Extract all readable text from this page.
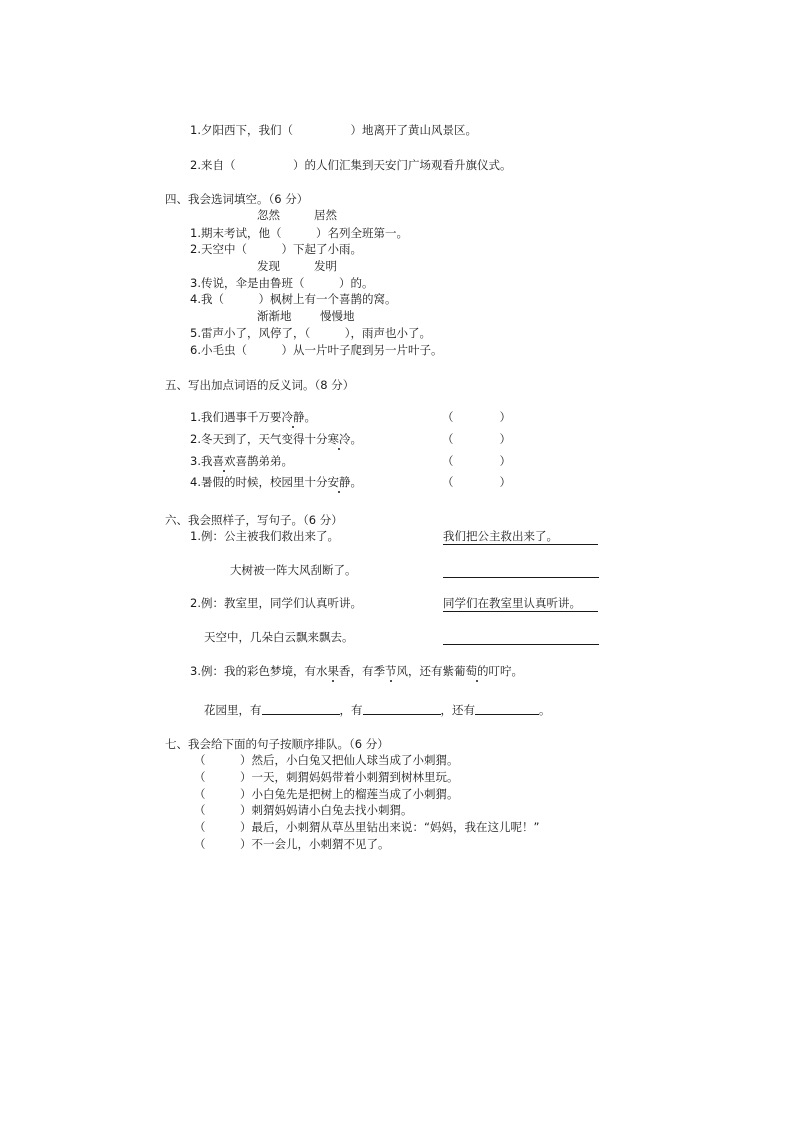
1.夕阳西下，我们（　　　　　）地离开了黄山风景区。
2.来自（　　　　　）的人们汇集到天安门广场观看升旗仪式。
四、我会选词填空。（6 分）
忽然	居然
1.期末考试，他（　　　）名列全班第一。
2.天空中（　　　）下起了小雨。
发现	发明
3.传说，伞是由鲁班（　　　）的。
4.我（　　　）枫树上有一个喜鹊的窝。
渐渐地 慢慢地
5.雷声小了，风停了，（　　　），雨声也小了。
6.小毛虫（　　　）从一片叶子爬到另一片叶子。
五、写出加点词语的反义词。（8 分）
1.我们遇事千万要冷静。	（　　　　）
2.冬天到了，天气变得十分寒冷。	（　　　　）
3.我喜欢喜鹊弟弟。	（　　　　）
4.暑假的时候，校园里十分安静。	（　　　　）
六、我会照样子，写句子。（6 分）
1.例：公主被我们救出来了。	我们把公主救出来了。
大树被一阵大风刮断了。
2.例：教室里，同学们认真听讲。	同学们在教室里认真听讲。
天空中，几朵白云飘来飘去。
3.例：我的彩色梦境，有水果香，有季节风，还有紫葡萄的叮咛。
花园里，有	，有	，还有	。
七、我会给下面的句子按顺序排队。（6 分）
（　　　）然后，小白兔又把仙人球当成了小刺猬。
（　　　）一天，刺猬妈妈带着小刺猬到树林里玩。
（　　　）小白兔先是把树上的榴莲当成了小刺猬。
（　　　）刺猬妈妈请小白兔去找小刺猬。
（　　　）最后，小刺猬从草丛里钻出来说：“妈妈，我在这儿呢！”
（　　　）不一会儿，小刺猬不见了。
